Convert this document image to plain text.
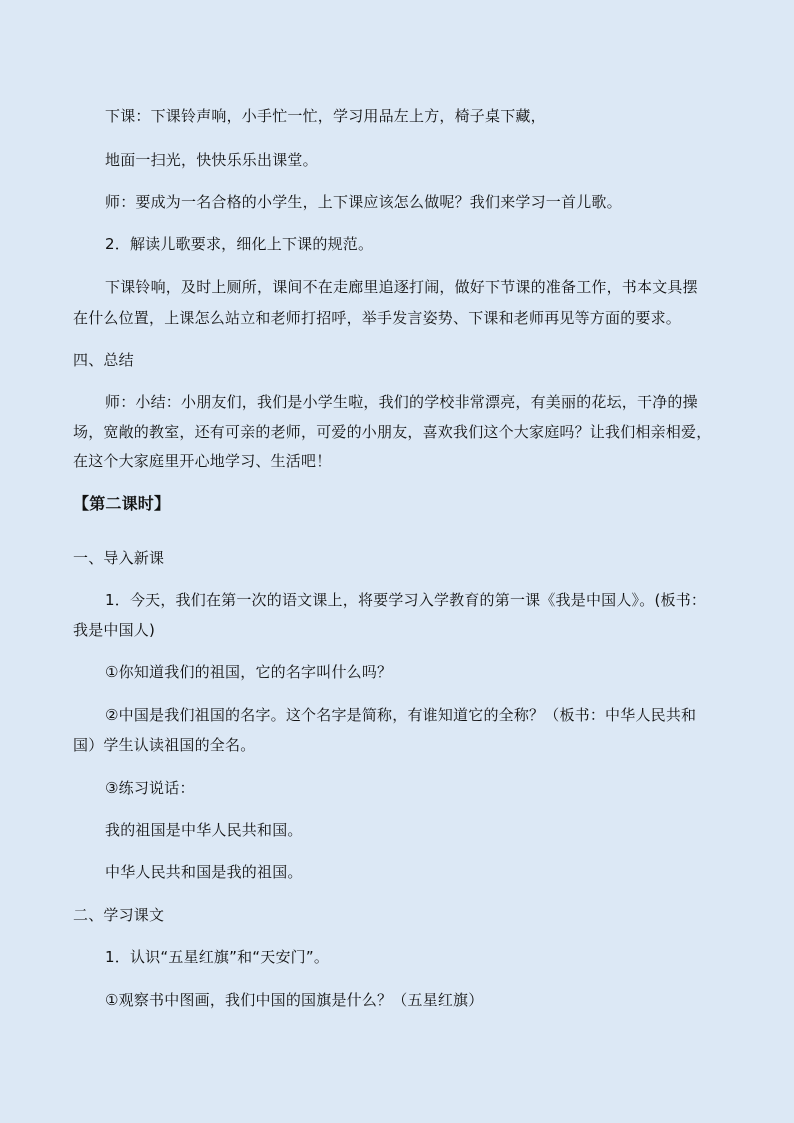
下课：下课铃声响，小手忙一忙，学习用品左上方，椅子桌下藏，
地面一扫光，快快乐乐出课堂。
师：要成为一名合格的小学生，上下课应该怎么做呢？我们来学习一首儿歌。
2．解读儿歌要求，细化上下课的规范。
下课铃响，及时上厕所，课间不在走廊里追逐打闹，做好下节课的准备工作，书本文具摆
在什么位置，上课怎么站立和老师打招呼，举手发言姿势、下课和老师再见等方面的要求。
四、总结
师：小结：小朋友们，我们是小学生啦，我们的学校非常漂亮，有美丽的花坛，干净的操
场，宽敞的教室，还有可亲的老师，可爱的小朋友，喜欢我们这个大家庭吗？让我们相亲相爱，
在这个大家庭里开心地学习、生活吧！
【第二课时】
一、导入新课
1．今天，我们在第一次的语文课上，将要学习入学教育的第一课《我是中国人》。(板书：
我是中国人)
①你知道我们的祖国，它的名字叫什么吗？
②中国是我们祖国的名字。这个名字是简称，有谁知道它的全称？（板书：中华人民共和
国）学生认读祖国的全名。
③练习说话：
我的祖国是中华人民共和国。
中华人民共和国是我的祖国。
二、学习课文
1．认识“五星红旗”和“天安门”。
①观察书中图画，我们中国的国旗是什么？（五星红旗）
